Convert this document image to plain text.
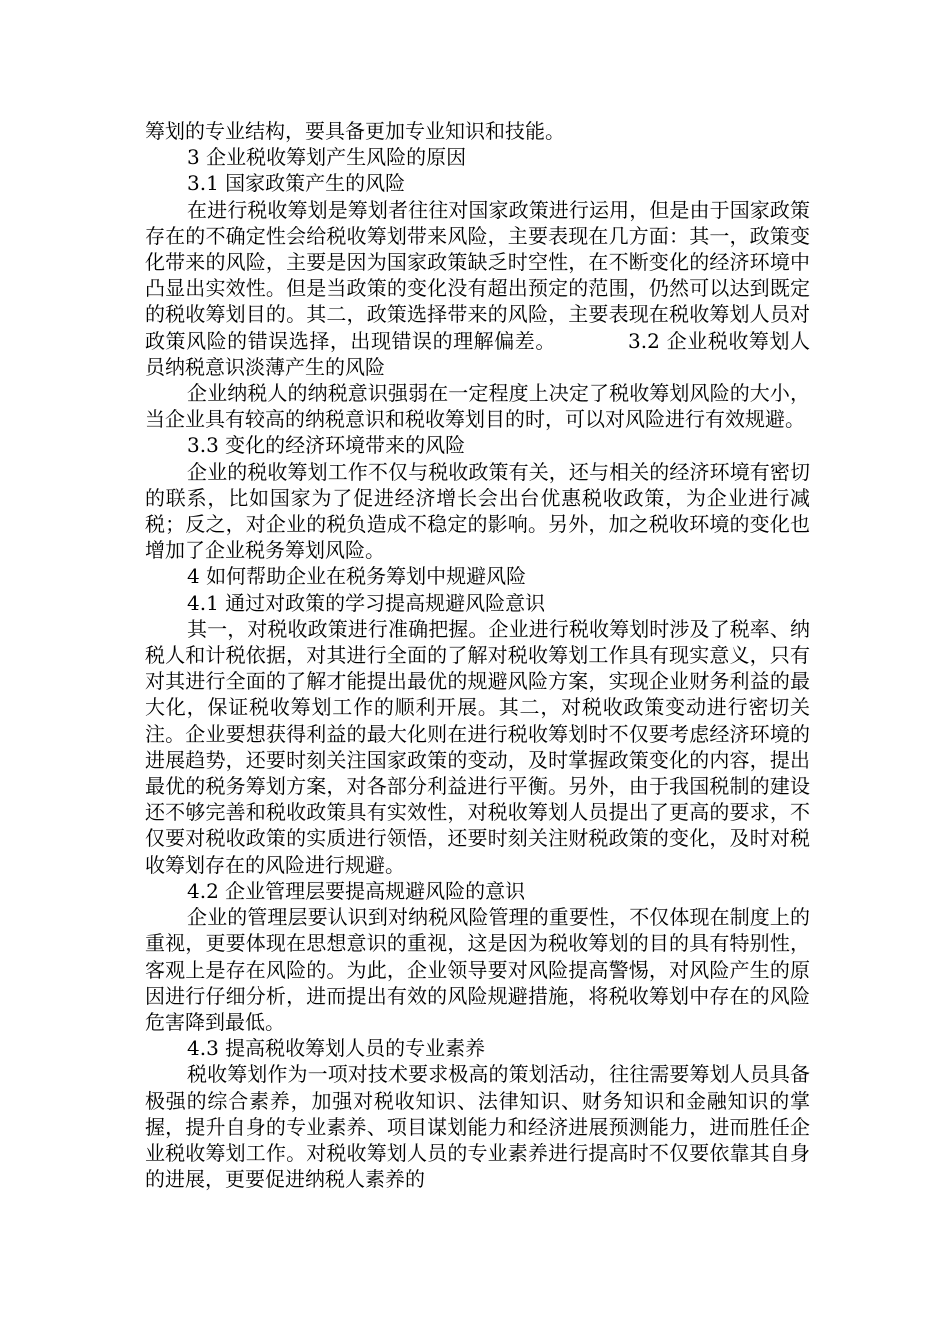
筹划的专业结构，要具备更加专业知识和技能。

3 企业税收筹划产生风险的原因

3.1 国家政策产生的风险

在进行税收筹划是筹划者往往对国家政策进行运用，但是由于国家政策存在的不确定性会给税收筹划带来风险，主要表现在几方面：其一，政策变化带来的风险，主要是因为国家政策缺乏时空性，在不断变化的经济环境中凸显出实效性。但是当政策的变化没有超出预定的范围，仍然可以达到既定的税收筹划目的。其二，政策选择带来的风险，主要表现在税收筹划人员对政策风险的错误选择，出现错误的理解偏差。　　　　3.2 企业税收筹划人员纳税意识淡薄产生的风险

企业纳税人的纳税意识强弱在一定程度上决定了税收筹划风险的大小，当企业具有较高的纳税意识和税收筹划目的时，可以对风险进行有效规避。

3.3 变化的经济环境带来的风险

企业的税收筹划工作不仅与税收政策有关，还与相关的经济环境有密切的联系，比如国家为了促进经济增长会出台优惠税收政策，为企业进行减税；反之，对企业的税负造成不稳定的影响。另外，加之税收环境的变化也增加了企业税务筹划风险。

4 如何帮助企业在税务筹划中规避风险

4.1 通过对政策的学习提高规避风险意识

其一，对税收政策进行准确把握。企业进行税收筹划时涉及了税率、纳税人和计税依据，对其进行全面的了解对税收筹划工作具有现实意义，只有对其进行全面的了解才能提出最优的规避风险方案，实现企业财务利益的最大化，保证税收筹划工作的顺利开展。其二，对税收政策变动进行密切关注。企业要想获得利益的最大化则在进行税收筹划时不仅要考虑经济环境的进展趋势，还要时刻关注国家政策的变动，及时掌握政策变化的内容，提出最优的税务筹划方案，对各部分利益进行平衡。另外，由于我国税制的建设还不够完善和税收政策具有实效性，对税收筹划人员提出了更高的要求，不仅要对税收政策的实质进行领悟，还要时刻关注财税政策的变化，及时对税收筹划存在的风险进行规避。

4.2 企业管理层要提高规避风险的意识

企业的管理层要认识到对纳税风险管理的重要性，不仅体现在制度上的重视，更要体现在思想意识的重视，这是因为税收筹划的目的具有特别性，客观上是存在风险的。为此，企业领导要对风险提高警惕，对风险产生的原因进行仔细分析，进而提出有效的风险规避措施，将税收筹划中存在的风险危害降到最低。

4.3 提高税收筹划人员的专业素养

税收筹划作为一项对技术要求极高的策划活动，往往需要筹划人员具备极强的综合素养，加强对税收知识、法律知识、财务知识和金融知识的掌握，提升自身的专业素养、项目谋划能力和经济进展预测能力，进而胜任企业税收筹划工作。对税收筹划人员的专业素养进行提高时不仅要依靠其自身的进展，更要促进纳税人素养的
